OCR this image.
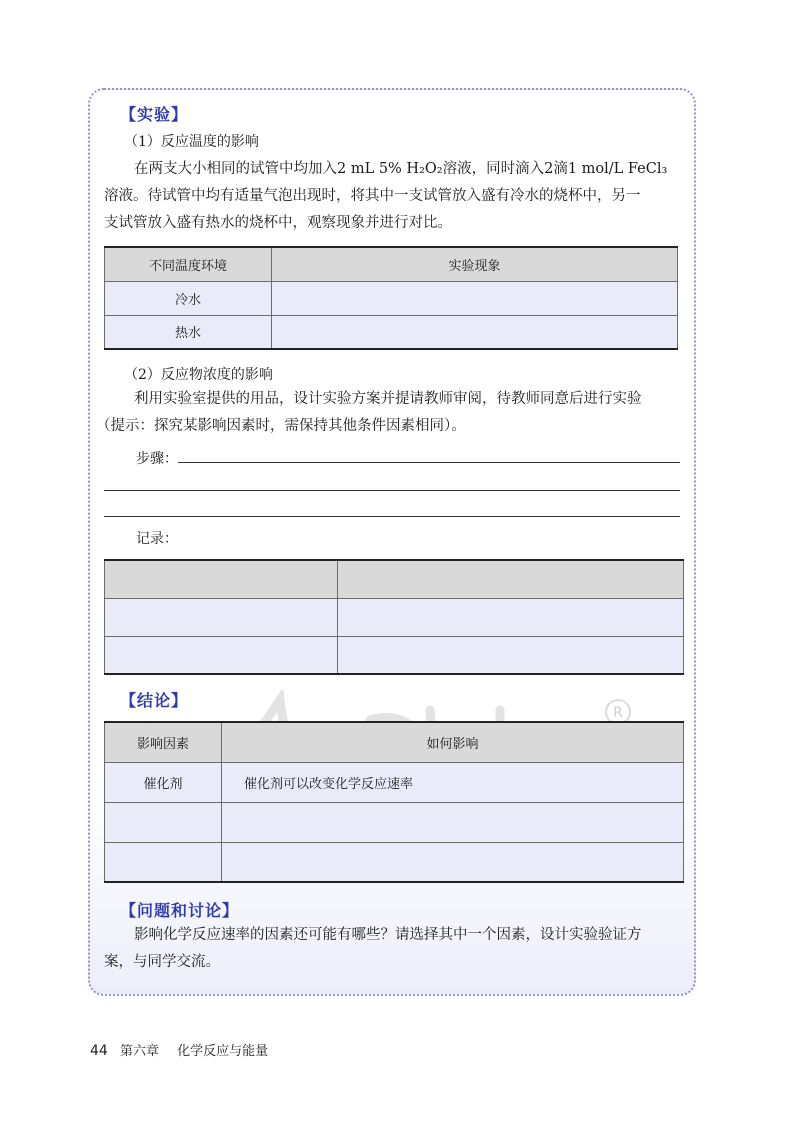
【实验】
（1）反应温度的影响
在两支大小相同的试管中均加入2 mL 5% H₂O₂溶液，同时滴入2滴1 mol/L FeCl₃
溶液。待试管中均有适量气泡出现时，将其中一支试管放入盛有冷水的烧杯中，另一
支试管放入盛有热水的烧杯中，观察现象并进行对比。
不同温度环境	实验现象
冷水	
热水	
（2）反应物浓度的影响
利用实验室提供的用品，设计实验方案并提请教师审阅，待教师同意后进行实验
（提示：探究某影响因素时，需保持其他条件因素相同）。
步骤：
记录：

【结论】
R
影响因素	如何影响
催化剂	催化剂可以改变化学反应速率

【问题和讨论】
影响化学反应速率的因素还可能有哪些？请选择其中一个因素，设计实验验证方
案，与同学交流。
44 第六章 化学反应与能量
